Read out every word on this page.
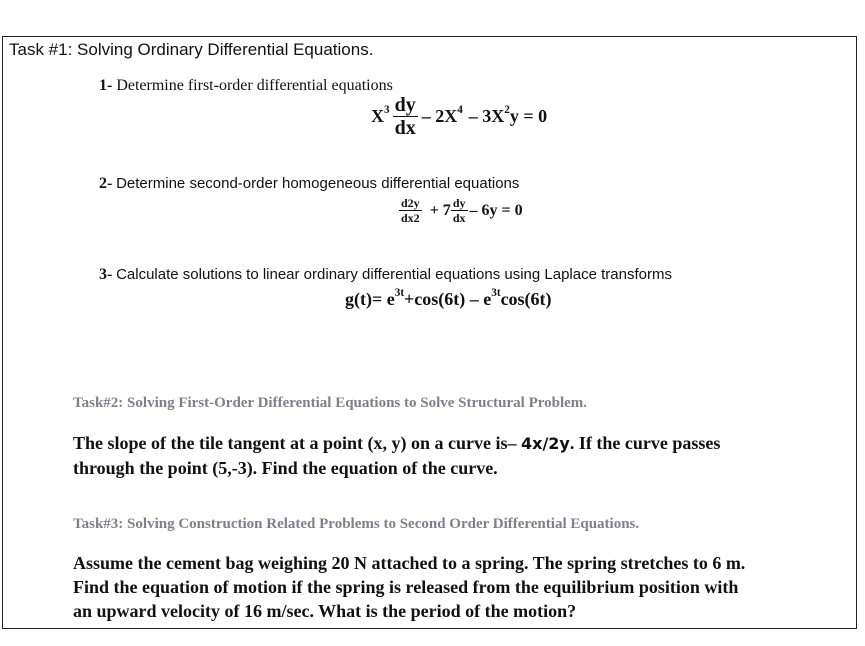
Task #1: Solving Ordinary Differential Equations.
1- Determine first-order differential equations
$X^3 \frac{dy}{dx} - 2X^4 - 3X^2$ y = 0
2- Determine second-order homogeneous differential equations
$\frac{d2y}{dx2} + 7 \frac{dy}{dx} - 6y = 0$
3- Calculate solutions to linear ordinary differential equations using Laplace transforms
$g(t)= e^{3t}+\cos(6t) - e^{3t}\cos(6t)$
Task#2: Solving First-Order Differential Equations to Solve Structural Problem.
The slope of the tile tangent at a point (x, y) on a curve is– 4x/2y. If the curve passes
through the point (5,-3). Find the equation of the curve.
Task#3: Solving Construction Related Problems to Second Order Differential Equations.
Assume the cement bag weighing 20 N attached to a spring. The spring stretches to 6 m.
Find the equation of motion if the spring is released from the equilibrium position with
an upward velocity of 16 m/sec. What is the period of the motion?
